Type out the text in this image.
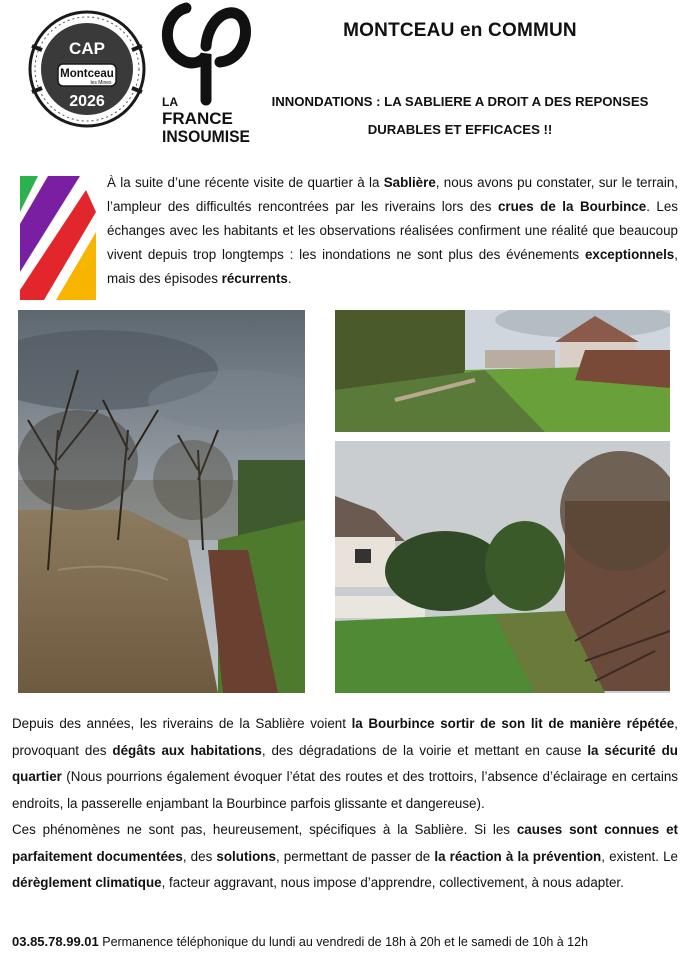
CAP
Montceau
les Mines
2026	LA
FRANCE
INSOUMISE
MONTCEAU en COMMUN
INNONDATIONS : LA SABLIERE A DROIT A DES REPONSES
DURABLES ET EFFICACES !!
À la suite d’une récente visite de quartier à la Sablière, nous avons pu constater, sur le terrain, l’ampleur des difficultés rencontrées par les riverains lors des crues de la Bourbince. Les échanges avec les habitants et les observations réalisées confirment une réalité que beaucoup vivent depuis trop longtemps : les inondations ne sont plus des événements exceptionnels, mais des épisodes récurrents.

Depuis des années, les riverains de la Sablière voient la Bourbince sortir de son lit de manière répétée, provoquant des dégâts aux habitations, des dégradations de la voirie et mettant en cause la sécurité du quartier (Nous pourrions également évoquer l’état des routes et des trottoirs, l’absence d’éclairage en certains endroits, la passerelle enjambant la Bourbince parfois glissante et dangereuse).

Ces phénomènes ne sont pas, heureusement, spécifiques à la Sablière. Si les causes sont connues et parfaitement documentées, des solutions, permettant de passer de la réaction à la prévention, existent. Le dérèglement climatique, facteur aggravant, nous impose d’apprendre, collectivement, à nous adapter.

03.85.78.99.01 Permanence téléphonique du lundi au vendredi de 18h à 20h et le samedi de 10h à 12h
